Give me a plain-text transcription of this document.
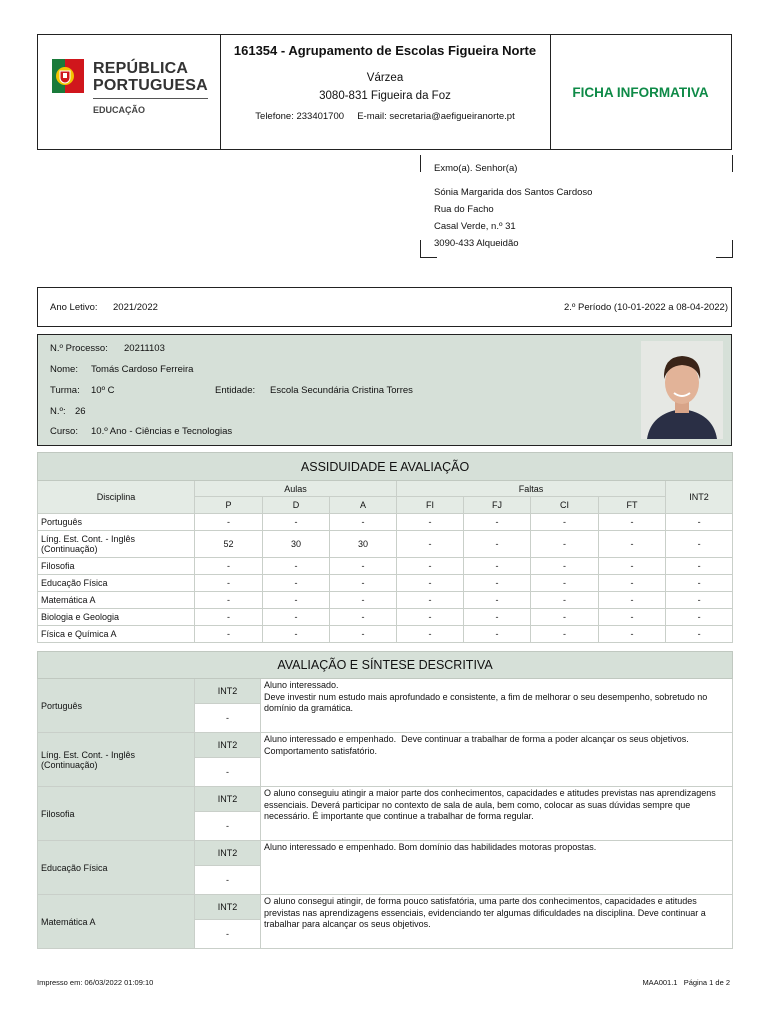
REPÚBLICA
PORTUGUESA
EDUCAÇÃO
161354 - Agrupamento de Escolas Figueira Norte
Várzea
3080-831 Figueira da Foz
Telefone: 233401700     E-mail: secretaria@aefigueiranorte.pt
FICHA INFORMATIVA
Exmo(a). Senhor(a)
Sónia Margarida dos Santos Cardoso
Rua do Facho
Casal Verde, n.º 31
3090-433 Alqueidão
Ano Letivo: 2021/2022	2.º Período (10-01-2022 a 08-04-2022)
N.º Processo: 20211103
Nome: Tomás Cardoso Ferreira
Turma: 10º C	Entidade: Escola Secundária Cristina Torres
N.º: 26
Curso: 10.º Ano - Ciências e Tecnologias
ASSIDUIDADE E AVALIAÇÃO								
Disciplina	Aulas			Faltas				INT2
	P	D	A	FI	FJ	CI	FT	
Português	-	-	-	-	-	-	-	-
Líng. Est. Cont. - Inglês (Continuação)	52	30	30	-	-	-	-	-
Filosofia	-	-	-	-	-	-	-	-
Educação Física	-	-	-	-	-	-	-	-
Matemática A	-	-	-	-	-	-	-	-
Biologia e Geologia	-	-	-	-	-	-	-	-
Física e Química A	-	-	-	-	-	-	-	-
AVALIAÇÃO E SÍNTESE DESCRITIVA		
Português	INT2	Aluno interessado.
Deve investir num estudo mais aprofundado e consistente, a fim de melhorar o seu desempenho, sobretudo no domínio da gramática.
	-	
Líng. Est. Cont. - Inglês (Continuação)	INT2	Aluno interessado e empenhado.  Deve continuar a trabalhar de forma a poder alcançar os seus objetivos. Comportamento satisfatório.
	-	
Filosofia	INT2	O aluno conseguiu atingir a maior parte dos conhecimentos, capacidades e atitudes previstas nas aprendizagens essenciais. Deverá participar no contexto de sala de aula, bem como, colocar as suas dúvidas sempre que necessário. É importante que continue a trabalhar de forma regular.
	-	
Educação Física	INT2	Aluno interessado e empenhado. Bom domínio das habilidades motoras propostas.
	-	
Matemática A	INT2	O aluno consegui atingir, de forma pouco satisfatória, uma parte dos conhecimentos, capacidades e atitudes previstas nas aprendizagens essenciais, evidenciando ter algumas dificuldades na disciplina. Deve continuar a trabalhar para alcançar os seus objetivos.
	-	
Impresso em: 06/03/2022 01:09:10	MAA001.1   Página 1 de 2
